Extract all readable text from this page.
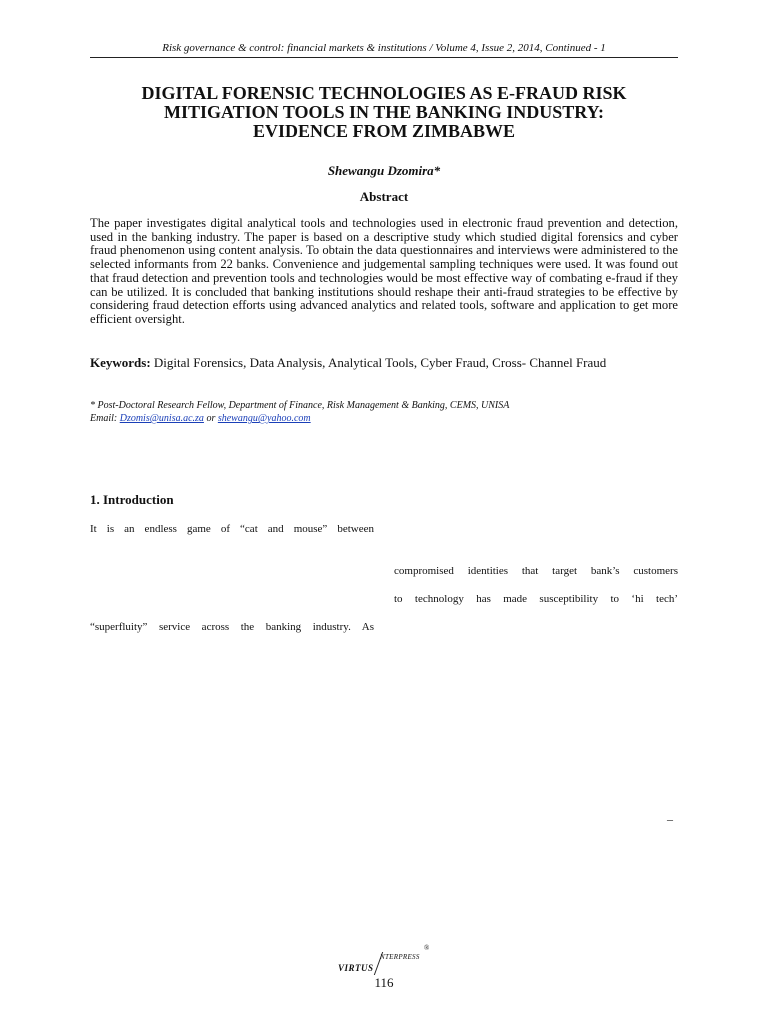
Risk governance & control: financial markets & institutions / Volume 4, Issue 2, 2014, Continued - 1
DIGITAL FORENSIC TECHNOLOGIES AS E-FRAUD RISK
MITIGATION TOOLS IN THE BANKING INDUSTRY:
EVIDENCE FROM ZIMBABWE
Shewangu Dzomira*
Abstract
The paper investigates digital analytical tools and technologies used in electronic fraud prevention and detection, used in the banking industry. The paper is based on a descriptive study which studied digital forensics and cyber fraud phenomenon using content analysis. To obtain the data questionnaires and interviews were administered to the selected informants from 22 banks. Convenience and judgemental sampling techniques were used. It was found out that fraud detection and prevention tools and technologies would be most effective way of combating e-fraud if they can be utilized. It is concluded that banking institutions should reshape their anti-fraud strategies to be effective by considering fraud detection efforts using advanced analytics and related tools, software and application to get more efficient oversight.
Keywords: Digital Forensics, Data Analysis, Analytical Tools, Cyber Fraud, Cross- Channel Fraud
* Post-Doctoral Research Fellow, Department of Finance, Risk Management & Banking, CEMS, UNISA
Email: Dzomis@unisa.ac.za or shewangu@yahoo.com
1. Introduction
It is an endless game of “cat and mouse” between
compromised identities that target bank’s customers
to technology has made susceptibility to ‘hi tech’
“superfluity” service across the banking industry. As
–
VIRTUS
NTERPRESS
®
116
